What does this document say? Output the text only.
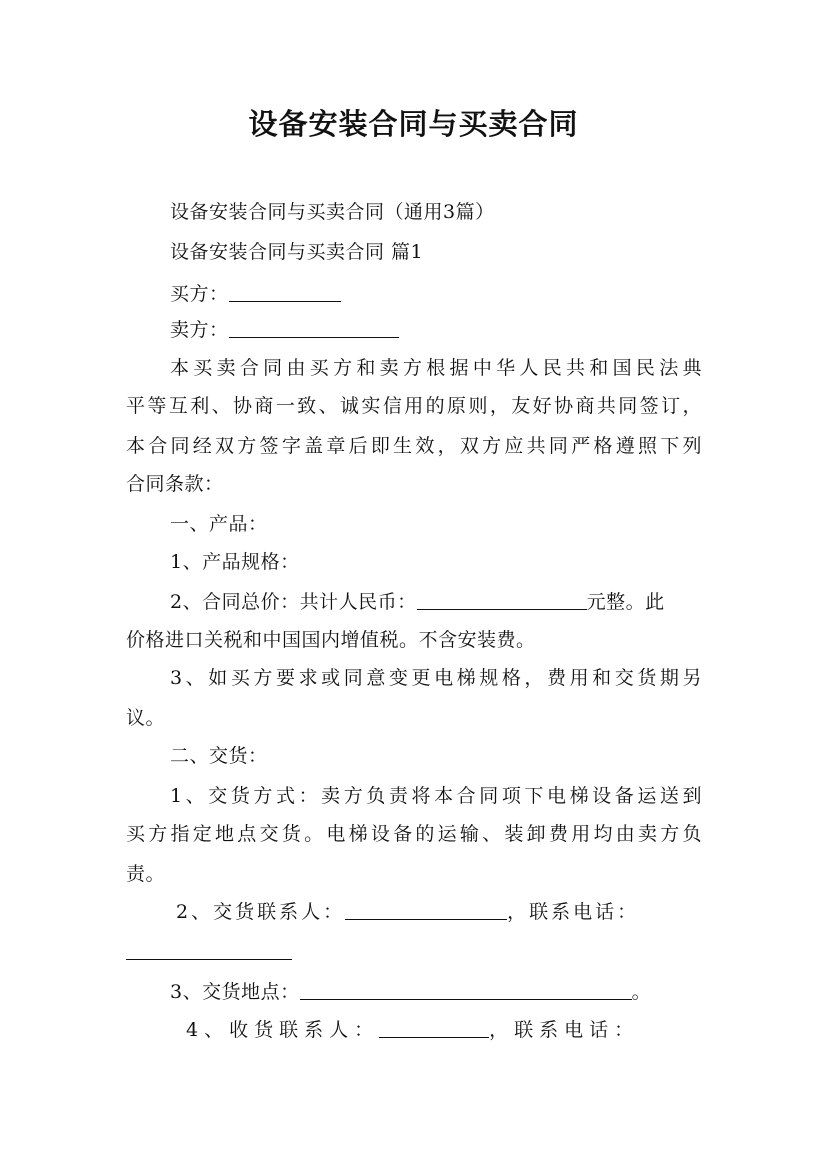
设备安装合同与买卖合同
设备安装合同与买卖合同（通用3篇）
设备安装合同与买卖合同 篇1
买方：
卖方：
本买卖合同由买方和卖方根据中华人民共和国民法典
平等互利、协商一致、诚实信用的原则，友好协商共同签订，
本合同经双方签字盖章后即生效，双方应共同严格遵照下列
合同条款：
一、产品：
1、产品规格：
2、合同总价：共计人民币：	元整。此
价格进口关税和中国国内增值税。不含安装费。
3、如买方要求或同意变更电梯规格，费用和交货期另
议。
二、交货：
1、交货方式：卖方负责将本合同项下电梯设备运送到
买方指定地点交货。电梯设备的运输、装卸费用均由卖方负
责。
2、交货联系人：	，联系电话：
3、交货地点：	。
4、收货联系人：	，联系电话：
